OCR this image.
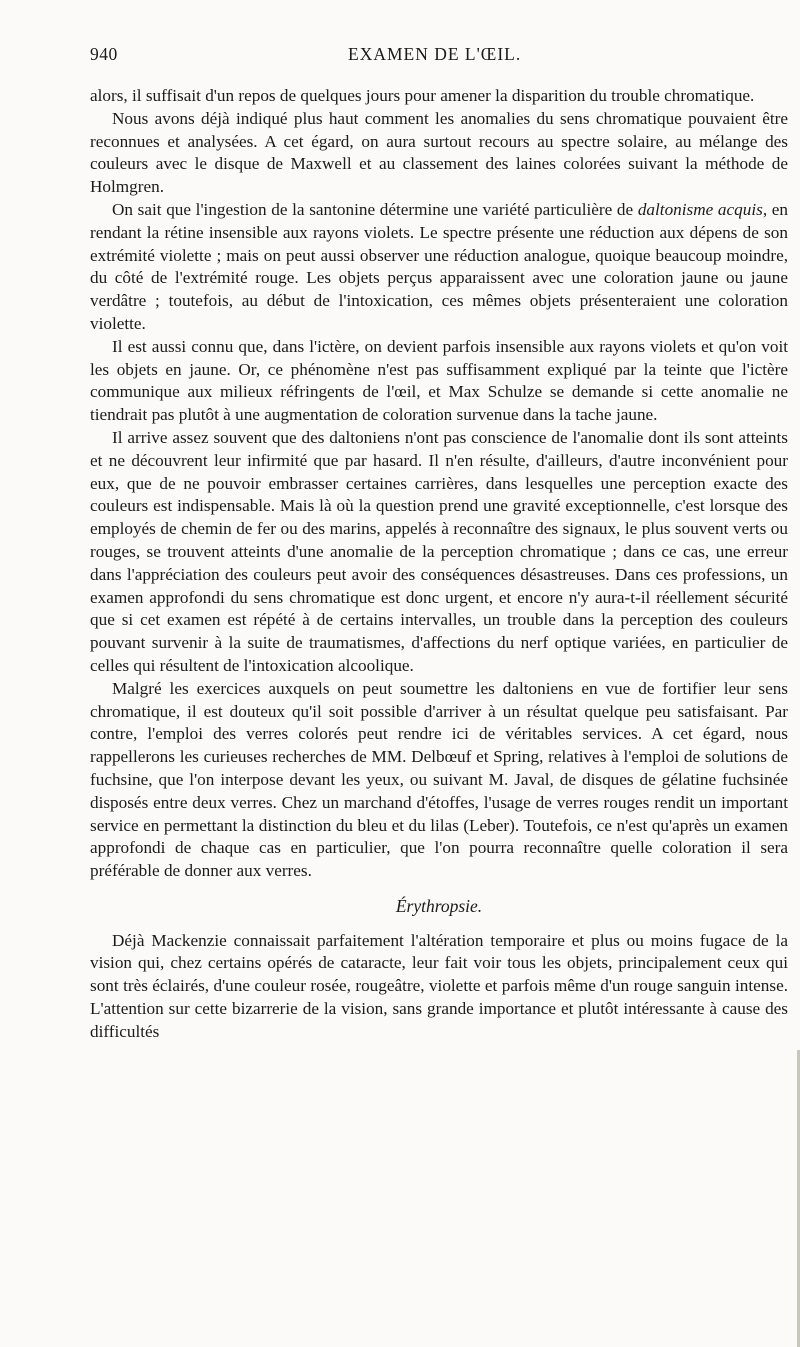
940	EXAMEN DE L'ŒIL.

alors, il suffisait d'un repos de quelques jours pour amener la disparition du trouble chromatique.

Nous avons déjà indiqué plus haut comment les anomalies du sens chromatique pouvaient être reconnues et analysées. A cet égard, on aura surtout recours au spectre solaire, au mélange des couleurs avec le disque de Maxwell et au classement des laines colorées suivant la méthode de Holmgren.

On sait que l'ingestion de la santonine détermine une variété particulière de daltonisme acquis, en rendant la rétine insensible aux rayons violets. Le spectre présente une réduction aux dépens de son extrémité violette ; mais on peut aussi observer une réduction analogue, quoique beaucoup moindre, du côté de l'extrémité rouge. Les objets perçus apparaissent avec une coloration jaune ou jaune verdâtre ; toutefois, au début de l'intoxication, ces mêmes objets présenteraient une coloration violette.

Il est aussi connu que, dans l'ictère, on devient parfois insensible aux rayons violets et qu'on voit les objets en jaune. Or, ce phénomène n'est pas suffisamment expliqué par la teinte que l'ictère communique aux milieux réfringents de l'œil, et Max Schulze se demande si cette anomalie ne tiendrait pas plutôt à une augmentation de coloration survenue dans la tache jaune.

Il arrive assez souvent que des daltoniens n'ont pas conscience de l'anomalie dont ils sont atteints et ne découvrent leur infirmité que par hasard. Il n'en résulte, d'ailleurs, d'autre inconvénient pour eux, que de ne pouvoir embrasser certaines carrières, dans lesquelles une perception exacte des couleurs est indispensable. Mais là où la question prend une gravité exceptionnelle, c'est lorsque des employés de chemin de fer ou des marins, appelés à reconnaître des signaux, le plus souvent verts ou rouges, se trouvent atteints d'une anomalie de la perception chromatique ; dans ce cas, une erreur dans l'appréciation des couleurs peut avoir des conséquences désastreuses. Dans ces professions, un examen approfondi du sens chromatique est donc urgent, et encore n'y aura-t-il réellement sécurité que si cet examen est répété à de certains intervalles, un trouble dans la perception des couleurs pouvant survenir à la suite de traumatismes, d'affections du nerf optique variées, en particulier de celles qui résultent de l'intoxication alcoolique.

Malgré les exercices auxquels on peut soumettre les daltoniens en vue de fortifier leur sens chromatique, il est douteux qu'il soit possible d'arriver à un résultat quelque peu satisfaisant. Par contre, l'emploi des verres colorés peut rendre ici de véritables services. A cet égard, nous rappellerons les curieuses recherches de MM. Delbœuf et Spring, relatives à l'emploi de solutions de fuchsine, que l'on interpose devant les yeux, ou suivant M. Javal, de disques de gélatine fuchsinée disposés entre deux verres. Chez un marchand d'étoffes, l'usage de verres rouges rendit un important service en permettant la distinction du bleu et du lilas (Leber). Toutefois, ce n'est qu'après un examen approfondi de chaque cas en particulier, que l'on pourra reconnaître quelle coloration il sera préférable de donner aux verres.

Érythropsie.

Déjà Mackenzie connaissait parfaitement l'altération temporaire et plus ou moins fugace de la vision qui, chez certains opérés de cataracte, leur fait voir tous les objets, principalement ceux qui sont très éclairés, d'une couleur rosée, rougeâtre, violette et parfois même d'un rouge sanguin intense. L'attention sur cette bizarrerie de la vision, sans grande importance et plutôt intéressante à cause des difficultés
